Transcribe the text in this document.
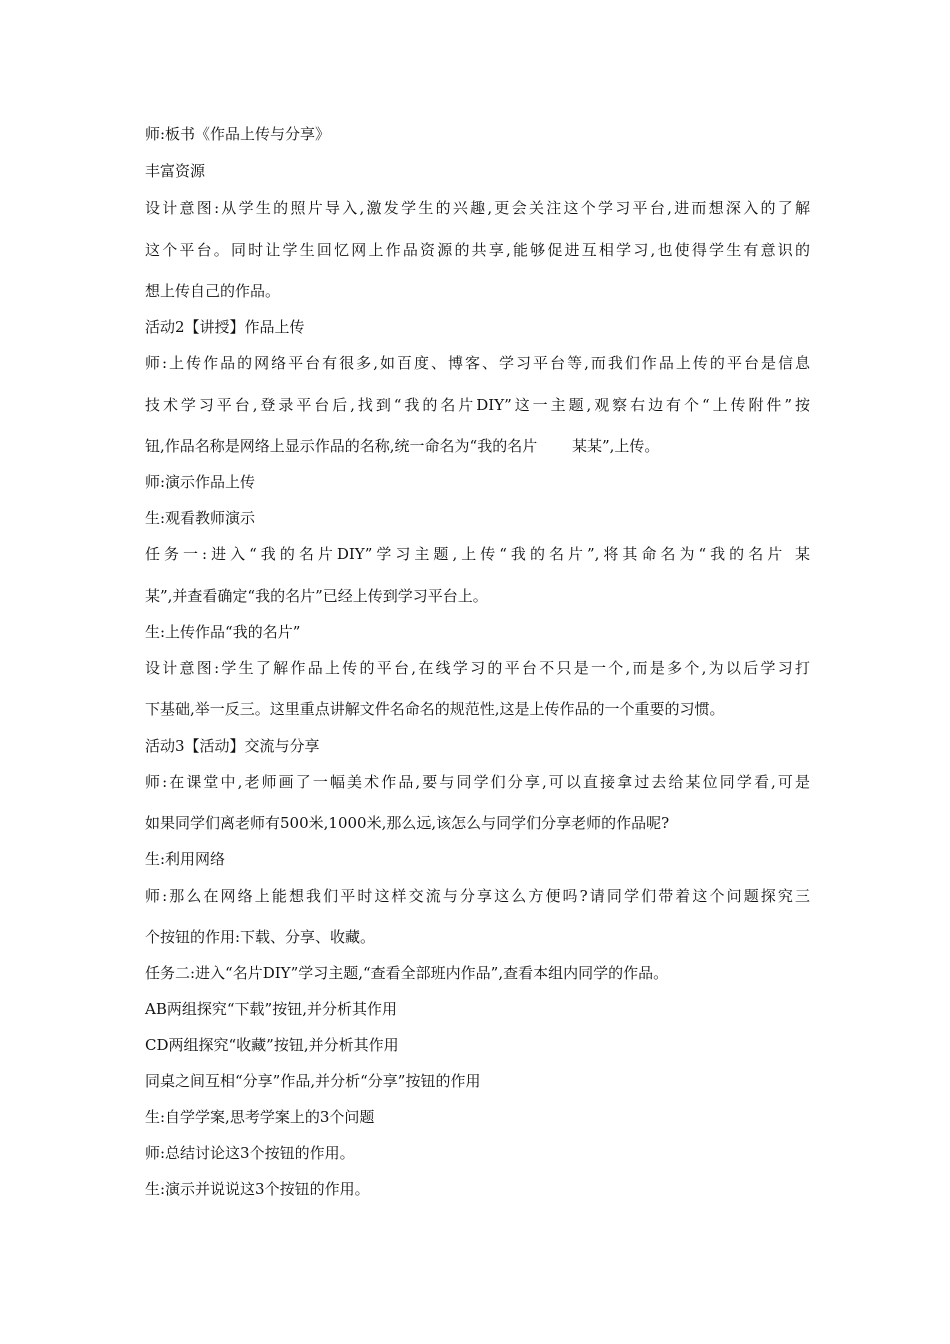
师:板书《作品上传与分享》
丰富资源
设计意图:从学生的照片导入,激发学生的兴趣,更会关注这个学习平台,进而想深入的了解
这个平台。同时让学生回忆网上作品资源的共享,能够促进互相学习,也使得学生有意识的
想上传自己的作品。
活动2【讲授】作品上传
师:上传作品的网络平台有很多,如百度、博客、学习平台等,而我们作品上传的平台是信息
技术学习平台,登录平台后,找到“我的名片DIY”这一主题,观察右边有个“上传附件”按
钮,作品名称是网络上显示作品的名称,统一命名为“我的名片 　　某某”,上传。
师:演示作品上传
生:观看教师演示
任务一:进入“我的名片DIY”学习主题,上传“我的名片”,将其命名为“我的名片 某
某”,并查看确定“我的名片”已经上传到学习平台上。
生:上传作品“我的名片”
设计意图:学生了解作品上传的平台,在线学习的平台不只是一个,而是多个,为以后学习打
下基础,举一反三。这里重点讲解文件名命名的规范性,这是上传作品的一个重要的习惯。
活动3【活动】交流与分享
师:在课堂中,老师画了一幅美术作品,要与同学们分享,可以直接拿过去给某位同学看,可是
如果同学们离老师有500米,1000米,那么远,该怎么与同学们分享老师的作品呢?
生:利用网络
师:那么在网络上能想我们平时这样交流与分享这么方便吗?请同学们带着这个问题探究三
个按钮的作用:下载、分享、收藏。
任务二:进入“名片DIY”学习主题,“查看全部班内作品”,查看本组内同学的作品。
AB两组探究“下载”按钮,并分析其作用
CD两组探究“收藏”按钮,并分析其作用
同桌之间互相“分享”作品,并分析“分享”按钮的作用
生:自学学案,思考学案上的3个问题
师:总结讨论这3个按钮的作用。
生:演示并说说这3个按钮的作用。
